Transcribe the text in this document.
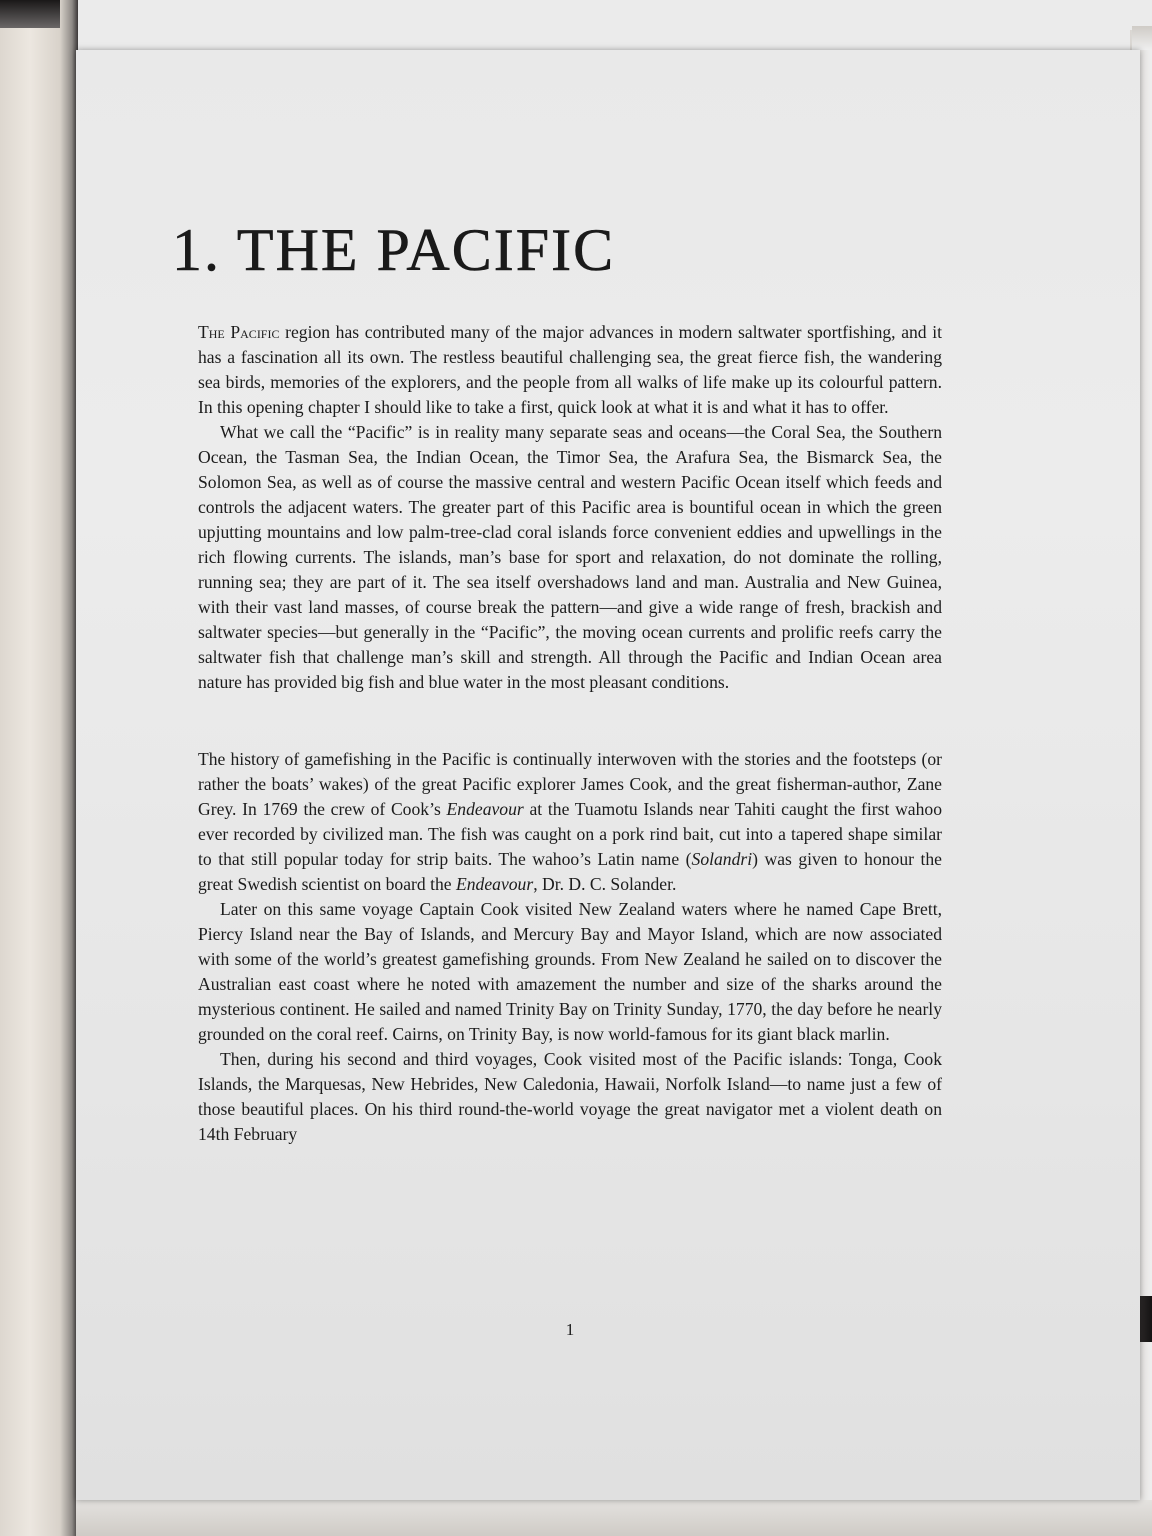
1. THE PACIFIC

The Pacific region has contributed many of the major advances in modern saltwater sportfishing, and it has a fascination all its own. The restless beautiful challenging sea, the great fierce fish, the wandering sea birds, memories of the explorers, and the people from all walks of life make up its colourful pattern. In this opening chapter I should like to take a first, quick look at what it is and what it has to offer.

What we call the “Pacific” is in reality many separate seas and oceans—the Coral Sea, the Southern Ocean, the Tasman Sea, the Indian Ocean, the Timor Sea, the Arafura Sea, the Bismarck Sea, the Solomon Sea, as well as of course the massive central and western Pacific Ocean itself which feeds and controls the adjacent waters. The greater part of this Pacific area is bountiful ocean in which the green upjutting mountains and low palm-tree-clad coral islands force convenient eddies and upwellings in the rich flowing currents. The islands, man’s base for sport and relaxation, do not dominate the rolling, running sea; they are part of it. The sea itself overshadows land and man. Australia and New Guinea, with their vast land masses, of course break the pattern—and give a wide range of fresh, brackish and saltwater species—but generally in the “Pacific”, the moving ocean currents and prolific reefs carry the saltwater fish that challenge man’s skill and strength. All through the Pacific and Indian Ocean area nature has provided big fish and blue water in the most pleasant conditions.

The history of gamefishing in the Pacific is continually interwoven with the stories and the footsteps (or rather the boats’ wakes) of the great Pacific explorer James Cook, and the great fisherman-author, Zane Grey. In 1769 the crew of Cook’s Endeavour at the Tuamotu Islands near Tahiti caught the first wahoo ever recorded by civilized man. The fish was caught on a pork rind bait, cut into a tapered shape similar to that still popular today for strip baits. The wahoo’s Latin name (Solandri) was given to honour the great Swedish scientist on board the Endeavour, Dr. D. C. Solander.

Later on this same voyage Captain Cook visited New Zealand waters where he named Cape Brett, Piercy Island near the Bay of Islands, and Mercury Bay and Mayor Island, which are now associated with some of the world’s greatest gamefishing grounds. From New Zealand he sailed on to discover the Australian east coast where he noted with amazement the number and size of the sharks around the mysterious continent. He sailed and named Trinity Bay on Trinity Sunday, 1770, the day before he nearly grounded on the coral reef. Cairns, on Trinity Bay, is now world-famous for its giant black marlin.

Then, during his second and third voyages, Cook visited most of the Pacific islands: Tonga, Cook Islands, the Marquesas, New Hebrides, New Caledonia, Hawaii, Norfolk Island—to name just a few of those beautiful places. On his third round-the-world voyage the great navigator met a violent death on 14th February

1
